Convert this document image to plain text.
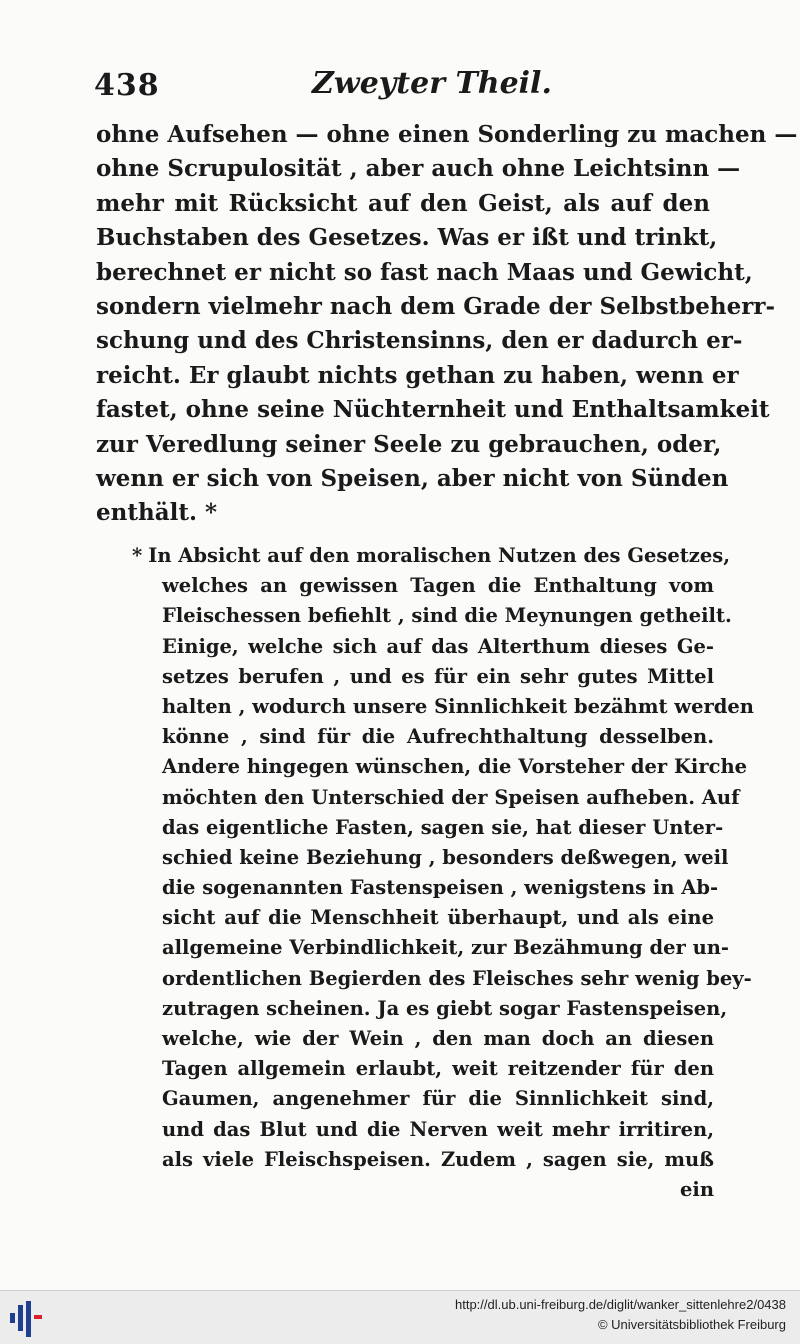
438	Zweyter Theil.
ohne Aufsehen — ohne einen Sonderling zu machen —
ohne Scrupulosität , aber auch ohne Leichtsinn —
mehr mit Rücksicht auf den Geist, als auf den
Buchstaben des Gesetzes. Was er ißt und trinkt,
berechnet er nicht so fast nach Maas und Gewicht,
sondern vielmehr nach dem Grade der Selbstbeherr-
schung und des Christensinns, den er dadurch er-
reicht. Er glaubt nichts gethan zu haben, wenn er
fastet, ohne seine Nüchternheit und Enthaltsamkeit
zur Veredlung seiner Seele zu gebrauchen, oder,
wenn er sich von Speisen, aber nicht von Sünden
enthält. *
* In Absicht auf den moralischen Nutzen des Gesetzes,
welches an gewissen Tagen die Enthaltung vom
Fleischessen befiehlt , sind die Meynungen getheilt.
Einige, welche sich auf das Alterthum dieses Ge-
setzes berufen , und es für ein sehr gutes Mittel
halten , wodurch unsere Sinnlichkeit bezähmt werden
könne , sind für die Aufrechthaltung desselben.
Andere hingegen wünschen, die Vorsteher der Kirche
möchten den Unterschied der Speisen aufheben. Auf
das eigentliche Fasten, sagen sie, hat dieser Unter-
schied keine Beziehung , besonders deßwegen, weil
die sogenannten Fastenspeisen , wenigstens in Ab-
sicht auf die Menschheit überhaupt, und als eine
allgemeine Verbindlichkeit, zur Bezähmung der un-
ordentlichen Begierden des Fleisches sehr wenig bey-
zutragen scheinen. Ja es giebt sogar Fastenspeisen,
welche, wie der Wein , den man doch an diesen
Tagen allgemein erlaubt, weit reitzender für den
Gaumen, angenehmer für die Sinnlichkeit sind,
und das Blut und die Nerven weit mehr irritiren,
als viele Fleischspeisen. Zudem , sagen sie, muß
ein
http://dl.ub.uni-freiburg.de/diglit/wanker_sittenlehre2/0438
© Universitätsbibliothek Freiburg
